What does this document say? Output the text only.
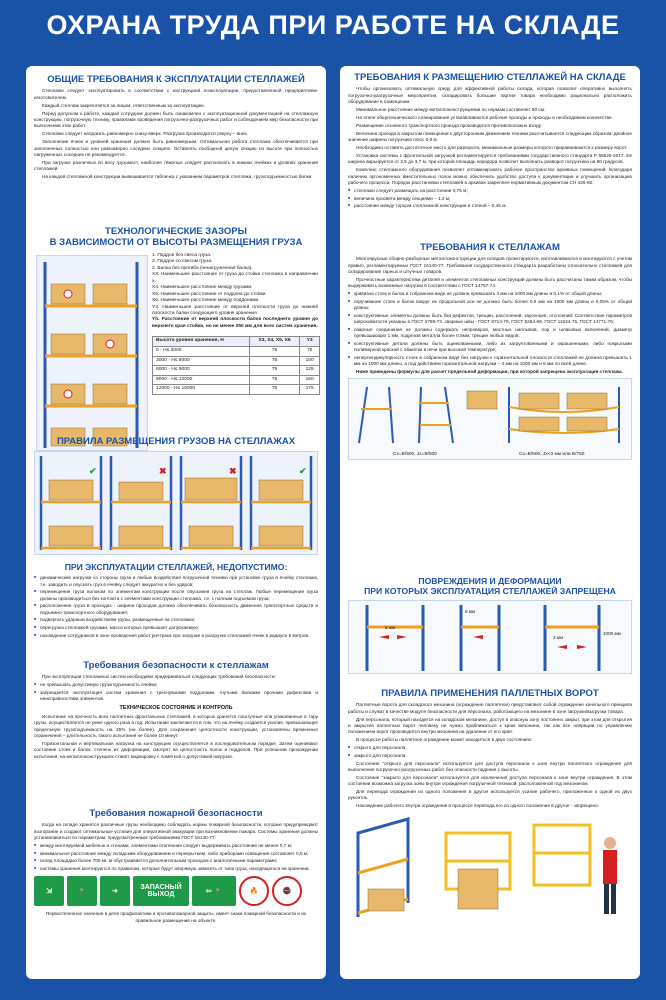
ОХРАНА ТРУДА ПРИ РАБОТЕ НА СКЛАДЕ
ОБЩИЕ ТРЕБОВАНИЯ К ЭКСПЛУАТАЦИИ СТЕЛЛАЖЕЙ

Стеллажи следует эксплуатировать в соответствии с инструкцией поэксплуатации, предоставленной предприятием-изготовителем.

Каждый стеллаж закрепляется за лицом, ответственным за эксплуатацию.

Перед допуском к работе, каждый сотрудник должен быть ознакомлен с эксплуатационной документацией на стеллажную конструкцию, погрузочную технику, правилами проведения погрузочно-разгрузочных работ и соблюдением мер безопасности при выполнении этих работ.

Стеллажи следует нагружать равномерно снизу-вверх. Разгрузка производится сверху – вниз.

Заполнение ячеек и уровней хранения должно быть равномерным. Оптимальная работа стеллажа обеспечивается при заполненных полностью или равномерно соседних секциях. Оставлять свободной целую секцию по высоте при полностью нагруженных соседних не рекомендуется.

При загрузке различных по весу грузомест, наиболее тяжелые следует располагать в нижних ячейках и уровнях хранения стеллажей.

На каждой стеллажной конструкции вывешивается табличка с указанием параметров стеллажа, грузоподъемностью балки.

ТЕХНОЛОГИЧЕСКИЕ ЗАЗОРЫ
В ЗАВИСИМОСТИ ОТ ВЫСОТЫ РАЗМЕЩЕНИЯ ГРУЗА
1. Поддон без свеса груза.
2. Поддон со свесом груза.
3. Балка без прогиба (ненагруженная балка).
Х3. Наименьшее расстояние от груза до стойки стеллажа в направлении х.
Х4. Наименьшее расстояние между грузами.
Х5. Наименьшее расстояние от поддона до стойки.
Х6. Наименьшее расстояние между поддонами.
Y3. Наименьшее расстояние от верхней плоскости груза до нижней плоскости балки следующего уровня хранения.
Yh. Расстояние от верхней плоскости балок последнего уровня до верхнего края стойки, но не менее 250 мм для всех систем хранения.
Высота уровня хранения, Н	Х3, Х4, Х5, Х6	Y3
0 - Н≤ 3000	75	75
3000 - Н≤ 6000	75	100
6000 - Н≤ 9000	75	125
9000 - Н≤ 12000	75	150
12000 - Н≤ 16000	75	175
ПРАВИЛА РАЗМЕЩЕНИЯ ГРУЗОВ НА СТЕЛЛАЖАХ
✔	✖	✖	✔
ПРИ ЭКСПЛУАТАЦИИ СТЕЛЛАЖЕЙ, НЕДОПУСТИМО:
■ динамические нагрузки со стороны груза и любые воздействия погрузочной техники при установке груза в ячейку стеллажа, т.е. заводить и опускать груз в ячейку следует аккуратно и без ударов;
■ перемещение груза волоком по элементам конструкции после опускания груза на стеллаж. Любые перемещения груза должны производиться без контакта с элементами конструкции стеллажа, т.е. с полным подъемом груза;
■ расположение груза в проходах - ширина проходов должна обеспечивать безопасность движения транспортных средств и подъемно-транспортного оборудования;
■ подвергать ударным воздействиям грузы, размещенные на стеллажах;
■ перегрузка стеллажей грузами, масса которых превышает допускаемую;
■ нахождение сотрудников в зоне проведения работ ричтрака при загрузке и разгрузке стеллажей ячеек в радиусе 5 метров.
Требования безопасности к стеллажам

При эксплуатации стеллажных систем необходимо придерживаться следующих требований безопасности:

■ не превышать допустимую грузоподъемность ячейки;
■ запрещается эксплуатация систем хранения с треснувшими поддонами, гнутыми балками прочими дефектами и неисправностями элементов.
ТЕХНИЧЕСКОЕ СОСТОЯНИЕ И КОНТРОЛЬ

Испытание на прочность всех паллетных фронтальных стеллажей, в которых хранятся поштучные или упакованные в тару грузы, осуществляется не реже одного раза в год. Испытание заключается в том, что на ячейку создается усилие, превышающее предельную грузоподъемность на 25% (не более). Для сохранения целостности конструкции, установлены временные ограничения – длительность такого испытания не более 10 минут.

Горизонтальная и вертикальная нагрузка на конструкцию осуществляется в последовательном порядке. Затем оценивают состояние стоек и балок, степень их деформации, смотрят на целостность полок и поддонов. При успешном прохождении испытания, на металлоконструкциях ставят маркировку с пометкой о допустимой нагрузке.

Требования пожарной безопасности

Когда на складе хранятся различные грузы необходимо соблюдать нормы пожарной безопасности, которые предупреждают возгорание и создают оптимальные условия для оперативной эвакуации при возникновении пожара. Системы хранения должны устанавливаться по параметрам, предусмотренным требованиями ГОСТ 16140-77:

■ между монтируемой мебелью и стенами, элементами отопления следует выдерживать расстояние не менее 0,7 м;
■ минимальное расстояние между складским оборудованием и перекрытием, либо приборами освещения составляет 0,5 м;
■ склад площадью более 700 кв. м обустраивается дополнительным проходом с аналогичными параметрами;
■ системы хранения монтируются по правилам, которые будут напрямую зависеть от типа груза, находящегося на хранении.
⇲	🏃	➜
ЗАПАСНЫЙ ВЫХОД
⇦ 🏃	🔥	🚭
Первостепенное значение в деле профилактики и противопожарной защиты, имеет знаки пожарной безопасности и их правильное размещение на объекте.
ТРЕБОВАНИЯ К РАЗМЕЩЕНИЮ СТЕЛЛАЖЕЙ НА СКЛАДЕ

Чтобы организовать оптимальную среду для эффективной работы склада, которая позволит оперативно выполнять погрузочно-разгрузочные мероприятия, складировать большие партии товара необходимо рационально расположить оборудование в помещении.

Минимальное расстояние между металлоконструкциями по нормам составляет 80 см.

На этапе общетехнического планирования устанавливаются рабочие проезды и проходы в необходимом количестве.

Размещение основного транспортного проезда производится противоположно входу.

Величина проезда в закрытом помещении с двусторонним движением техники рассчитывается следующим образом: двойное значение ширины погрузчика плюс 0,9 м.

Необходимо оставить достаточное место для разворота, минимальные размеры которого приравниваются к размеру ворот.

Установка системы с фронтальной загрузкой регламентируется требованиями государственного стандарта Р 55525-2017. Ее ширина варьируется от 2,5 до 3,7 м, при которой площадь коридора позволит выполнить разворот погрузчика на 90 градусов.

Комплекс стеллажного оборудования позволяет оптимизировать рабочее пространство архивных помещений. Благодаря наличию эргономичных вместительных полок можно обеспечить удобство доступа к документации и улучшить организацию рабочего процесса. Порядок расстановки стеллажей в архивах закреплен нормативным документом СН 426-82:

■ стеллажи следует размещать на расстоянии 0,75 м;
■ величина просвета между секциями – 1,2 м;
■ расстояние между торцом стеллажной конструкции и стеной – 0,45 м.
ТРЕБОВАНИЯ К СТЕЛЛАЖАМ

Многоярусные сборно-разборные металлоконструкции для складов проектируются, изготавливаются и монтируются с учетом правил, регламентируемых ГОСТ 16140-77. Требования государственного стандарта разработаны относительно стеллажей для складирования тарных и штучных товаров.

Прочностные характеристики деталей и элементов стеллажных конструкций должны быть рассчитаны таким образом, чтобы выдерживать возможные нагрузки в соответствии с ГОСТ 14757-74.

■ кривизна стоек и балок в собранном виде не должна превышать 3 мм на 1000 мм длины и 0,1% от общей длины;
■ скручивание стоек и балок вокруг их продольной оси не должно быть более 0,5 мм на 1000 мм длины и 0,05% от общей длины;
■ конструктивные элементы должны быть без дефектов, трещин, расслоений, заусенцев, отслоений. Соответствие параметров шероховатости указаны в ГОСТ 2789-73, сварные швы - ГОСТ 8713-79, ГОСТ 5264-69, ГОСТ 11534-75, ГОСТ 14771-76;
■ сварные соединения не должны содержать непроваров, местных наплывов, пор и шлаковых включений, диаметр превышающих 1 мм, подрезов металла более 0,5мм, трещин любых видов;
■ конструктивные детали должны быть оцинкованными, либо из загрунтованными и окрашенными, либо покрытыми полимерной краской с обжигом в печи при высокой температуре;
■ неперпендикулярность стоек в собранном виде без нагрузки к горизонтальной плоскости стеллажей не должна превышать 1 мм на 1000 мм длины, а под действием горизонтальной нагрузки – 4 мм на 1000 мм и 6 мм по всей длине.

Ниже приведены формулы для расчет предельной деформации, при которой запрещена эксплуатация стеллажа.

Cx=B/500, Jx=B/500	Cx=B/500, Jx<3 мм или B/750
ПОВРЕЖДЕНИЯ И ДЕФОРМАЦИИ
ПРИ КОТОРЫХ ЭКСПЛУАТАЦИЯ СТЕЛЛАЖЕЙ ЗАПРЕЩЕНА
5 мм
5 мм
3 мм
1000 мм
ПРАВИЛА ПРИМЕНЕНИЯ ПАЛЛЕТНЫХ ВОРОТ

Паллетные ворота для складского мезонина (ограждение паллетное) представляют собой ограждение качельного принципа работы и служат в качестве модуля безопасности для персонала, работающего на мезонине в зоне загрузки/выгрузки товара.

Для персонала, который находится на складском мезонине, доступ в опасную зону постоянно закрыт, при этом для открытия и закрытия паллетных ворот человеку не нужно приближаться к краю мезонина, так как все операции по управлению положением ворот производятся внутри мезонина на удалении от его края.

В процессе работы паллетное ограждение может находиться в двух состояниях:

■ открыто для персонала,
■ закрыто для персонала.

Состояние "открыто для персонала" используется для доступа персонала к зоне внутри паллетного ограждения для выполнения погрузочно-разгрузочных работ без опасности падения с высоты.

Состояние "закрыто для персонала" используется для исключения доступа персонала к зоне внутри ограждения. В этом состоянии возможна загрузка зоны внутри ограждения погрузочной техникой, расположенной под мезонином.

Для перевода ограждения из одного положения в другое используется усилие рабочего, приложенное к одной из двух рукояток.

Нахождение рабочего внутри ограждения в процессе перевода его из одного положения в другое - запрещено.
